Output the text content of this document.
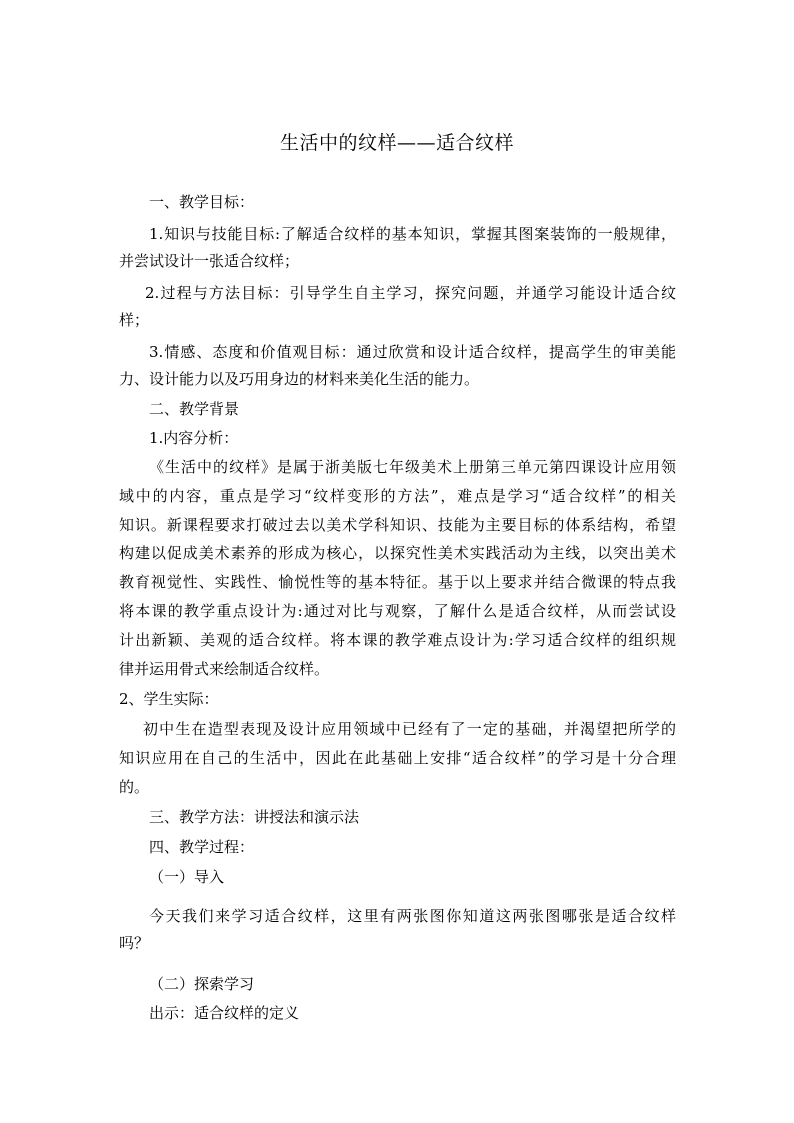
生活中的纹样——适合纹样
一、教学目标：
1.知识与技能目标:了解适合纹样的基本知识，掌握其图案装饰的一般规律，
并尝试设计一张适合纹样；
2.过程与方法目标：引导学生自主学习，探究问题，并通学习能设计适合纹
样；
3.情感、态度和价值观目标：通过欣赏和设计适合纹样，提高学生的审美能
力、设计能力以及巧用身边的材料来美化生活的能力。
二、教学背景
1.内容分析：
《生活中的纹样》是属于浙美版七年级美术上册第三单元第四课设计应用领
域中的内容，重点是学习“纹样变形的方法”，难点是学习“适合纹样”的相关
知识。新课程要求打破过去以美术学科知识、技能为主要目标的体系结构，希望
构建以促成美术素养的形成为核心，以探究性美术实践活动为主线，以突出美术
教育视觉性、实践性、愉悦性等的基本特征。基于以上要求并结合微课的特点我
将本课的教学重点设计为:通过对比与观察，了解什么是适合纹样，从而尝试设
计出新颖、美观的适合纹样。将本课的教学难点设计为:学习适合纹样的组织规
律并运用骨式来绘制适合纹样。
2、学生实际：
初中生在造型表现及设计应用领域中已经有了一定的基础，并渴望把所学的
知识应用在自己的生活中，因此在此基础上安排“适合纹样”的学习是十分合理
的。
三、教学方法：讲授法和演示法
四、教学过程：
（一）导入
今天我们来学习适合纹样，这里有两张图你知道这两张图哪张是适合纹样
吗？
（二）探索学习
出示：适合纹样的定义
